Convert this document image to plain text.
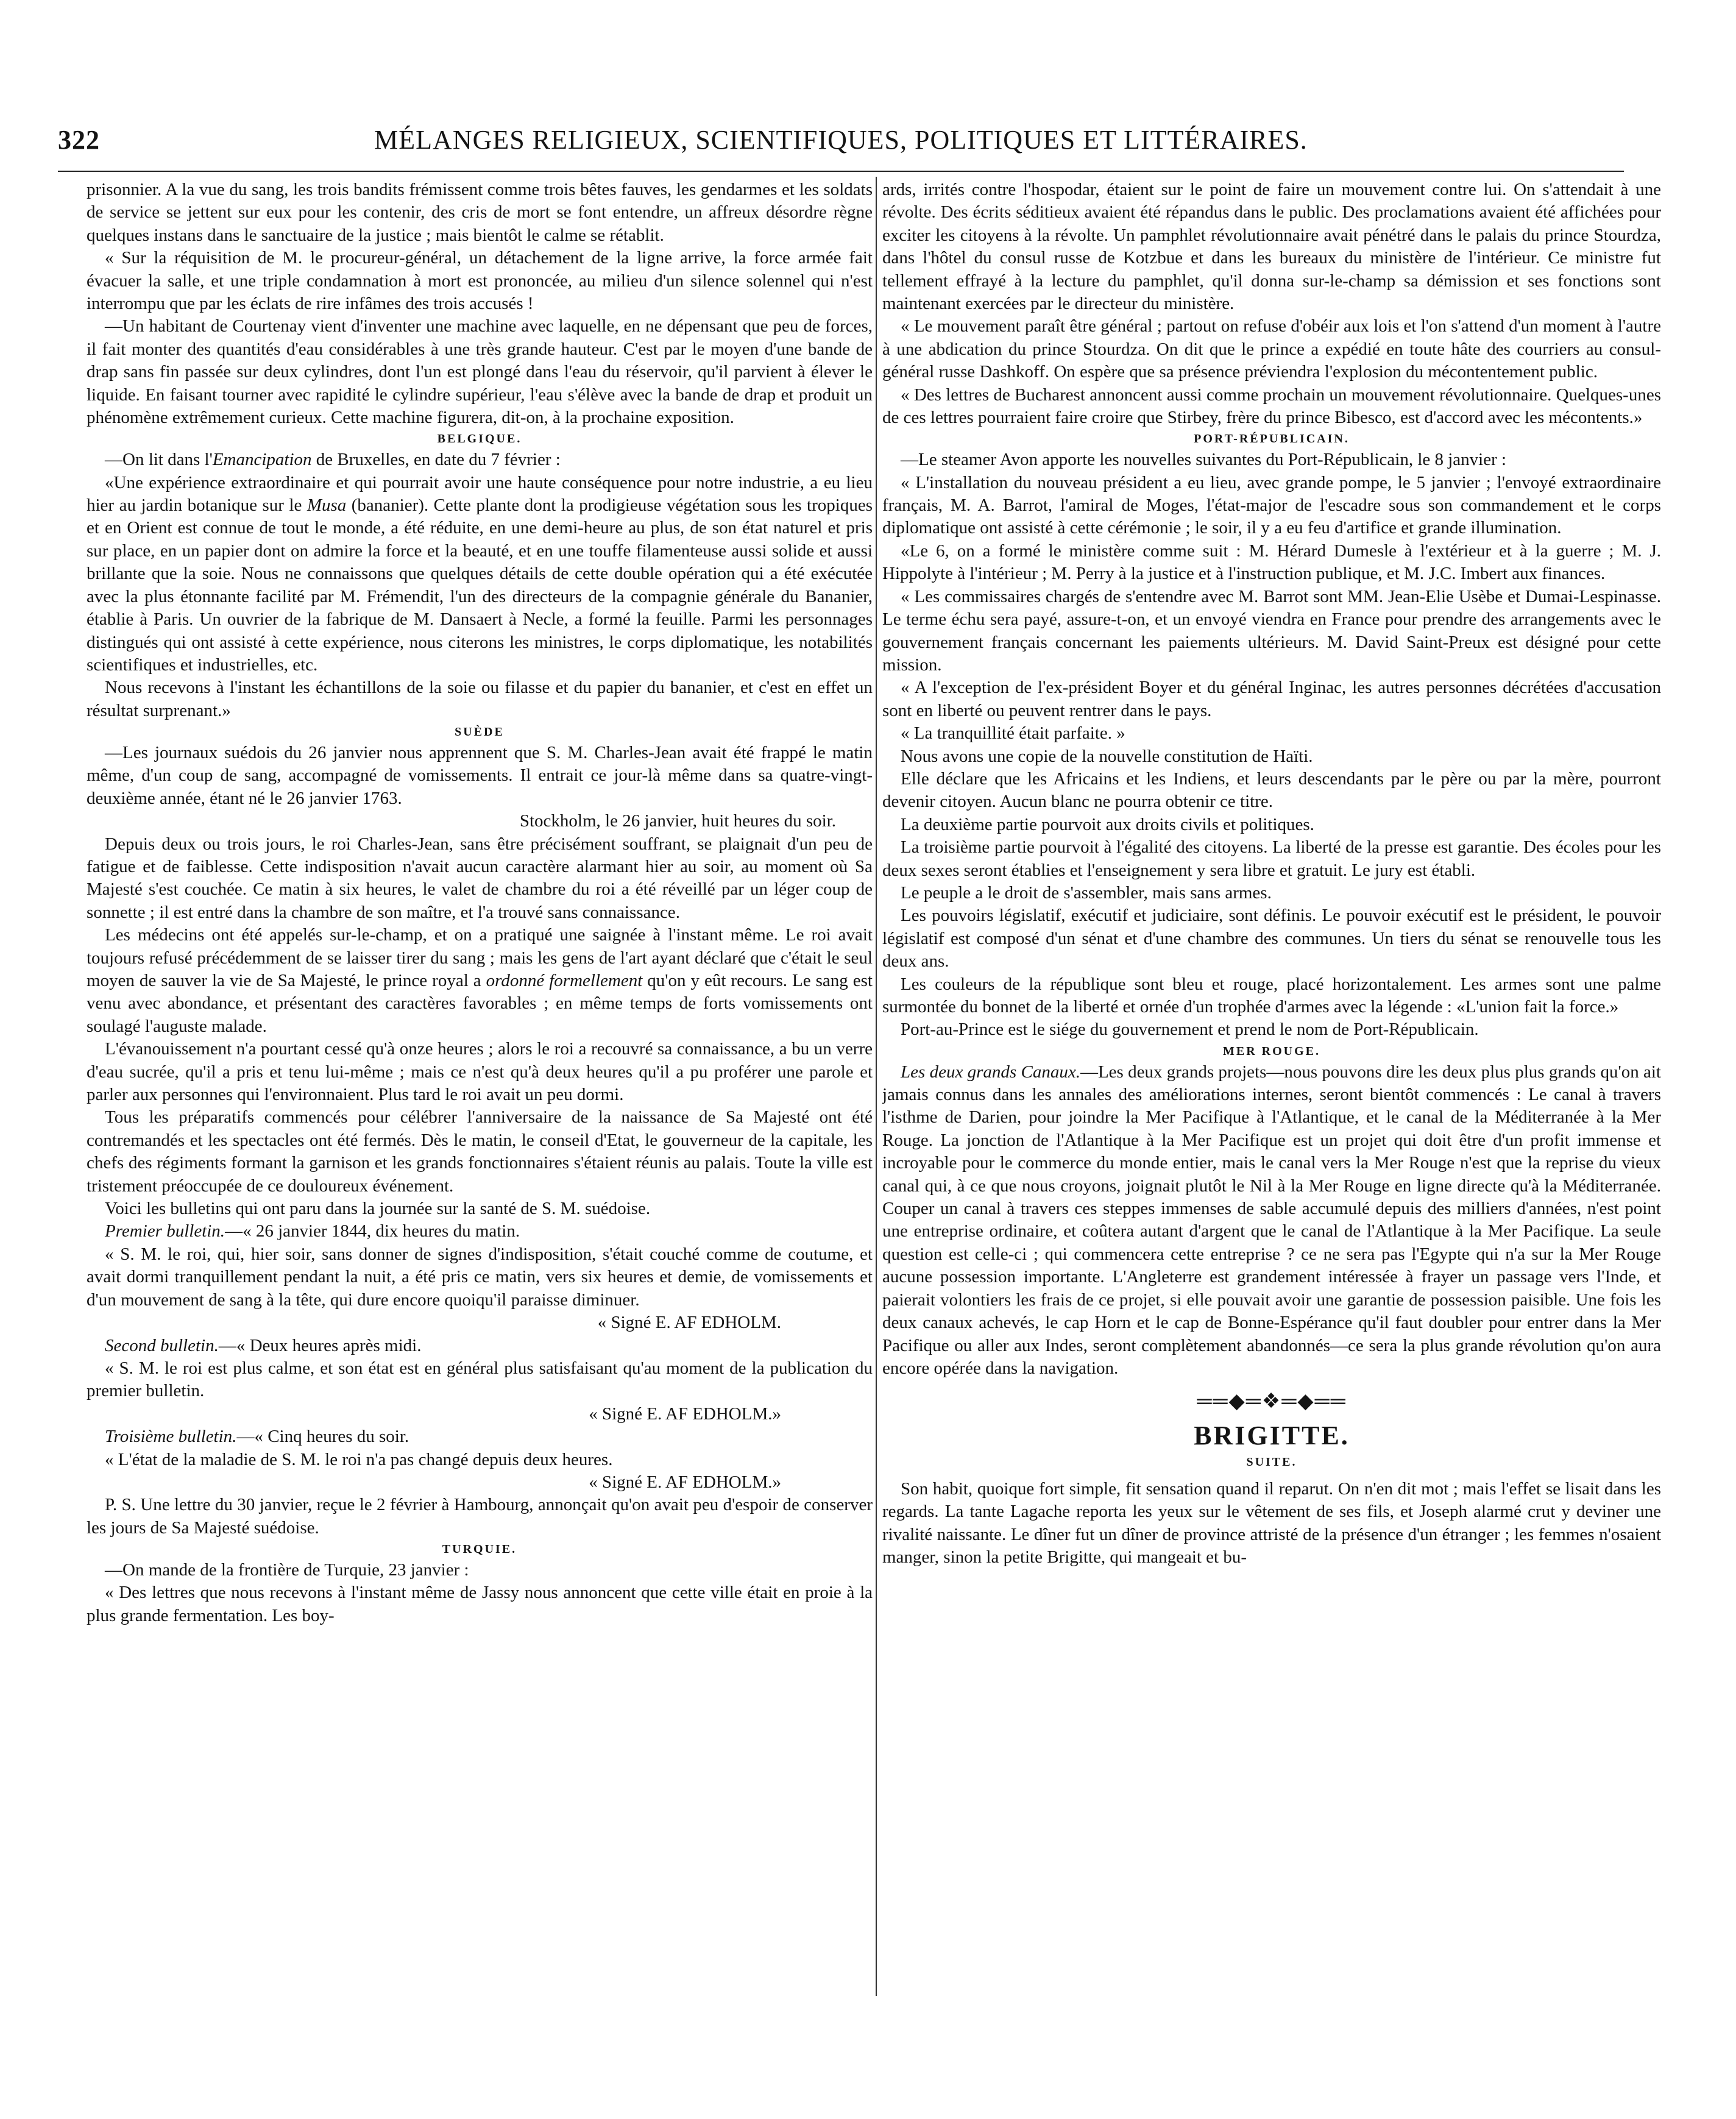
322	MÉLANGES RELIGIEUX, SCIENTIFIQUES, POLITIQUES ET LITTÉRAIRES.

prisonnier. A la vue du sang, les trois bandits frémissent comme trois bêtes fauves, les gendarmes et les soldats de service se jettent sur eux pour les contenir, des cris de mort se font entendre, un affreux désordre règne quelques instans dans le sanctuaire de la justice ; mais bientôt le calme se rétablit.

« Sur la réquisition de M. le procureur-général, un détachement de la ligne arrive, la force armée fait évacuer la salle, et une triple condamnation à mort est prononcée, au milieu d'un silence solennel qui n'est interrompu que par les éclats de rire infâmes des trois accusés !

—Un habitant de Courtenay vient d'inventer une machine avec laquelle, en ne dépensant que peu de forces, il fait monter des quantités d'eau considérables à une très grande hauteur. C'est par le moyen d'une bande de drap sans fin passée sur deux cylindres, dont l'un est plongé dans l'eau du réservoir, qu'il parvient à élever le liquide. En faisant tourner avec rapidité le cylindre supérieur, l'eau s'élève avec la bande de drap et produit un phénomène extrêmement curieux. Cette machine figurera, dit-on, à la prochaine exposition.

BELGIQUE.

—On lit dans l'Emancipation de Bruxelles, en date du 7 février :

«Une expérience extraordinaire et qui pourrait avoir une haute conséquence pour notre industrie, a eu lieu hier au jardin botanique sur le Musa (bananier). Cette plante dont la prodigieuse végétation sous les tropiques et en Orient est connue de tout le monde, a été réduite, en une demi-heure au plus, de son état naturel et pris sur place, en un papier dont on admire la force et la beauté, et en une touffe filamenteuse aussi solide et aussi brillante que la soie. Nous ne connaissons que quelques détails de cette double opération qui a été exécutée avec la plus étonnante facilité par M. Frémendit, l'un des directeurs de la compagnie générale du Bananier, établie à Paris. Un ouvrier de la fabrique de M. Dansaert à Necle, a formé la feuille. Parmi les personnages distingués qui ont assisté à cette expérience, nous citerons les ministres, le corps diplomatique, les notabilités scientifiques et industrielles, etc.

Nous recevons à l'instant les échantillons de la soie ou filasse et du papier du bananier, et c'est en effet un résultat surprenant.»

SUÈDE

—Les journaux suédois du 26 janvier nous apprennent que S. M. Charles-Jean avait été frappé le matin même, d'un coup de sang, accompagné de vomissements. Il entrait ce jour-là même dans sa quatre-vingt-deuxième année, étant né le 26 janvier 1763.

Stockholm, le 26 janvier, huit heures du soir.

Depuis deux ou trois jours, le roi Charles-Jean, sans être précisément souffrant, se plaignait d'un peu de fatigue et de faiblesse. Cette indisposition n'avait aucun caractère alarmant hier au soir, au moment où Sa Majesté s'est couchée. Ce matin à six heures, le valet de chambre du roi a été réveillé par un léger coup de sonnette ; il est entré dans la chambre de son maître, et l'a trouvé sans connaissance.

Les médecins ont été appelés sur-le-champ, et on a pratiqué une saignée à l'instant même. Le roi avait toujours refusé précédemment de se laisser tirer du sang ; mais les gens de l'art ayant déclaré que c'était le seul moyen de sauver la vie de Sa Majesté, le prince royal a ordonné formellement qu'on y eût recours. Le sang est venu avec abondance, et présentant des caractères favorables ; en même temps de forts vomissements ont soulagé l'auguste malade.

L'évanouissement n'a pourtant cessé qu'à onze heures ; alors le roi a recouvré sa connaissance, a bu un verre d'eau sucrée, qu'il a pris et tenu lui-même ; mais ce n'est qu'à deux heures qu'il a pu proférer une parole et parler aux personnes qui l'environnaient. Plus tard le roi avait un peu dormi.

Tous les préparatifs commencés pour célébrer l'anniversaire de la naissance de Sa Majesté ont été contremandés et les spectacles ont été fermés. Dès le matin, le conseil d'Etat, le gouverneur de la capitale, les chefs des régiments formant la garnison et les grands fonctionnaires s'étaient réunis au palais. Toute la ville est tristement préoccupée de ce douloureux événement.

Voici les bulletins qui ont paru dans la journée sur la santé de S. M. suédoise.

Premier bulletin.—« 26 janvier 1844, dix heures du matin.

« S. M. le roi, qui, hier soir, sans donner de signes d'indisposition, s'était couché comme de coutume, et avait dormi tranquillement pendant la nuit, a été pris ce matin, vers six heures et demie, de vomissements et d'un mouvement de sang à la tête, qui dure encore quoiqu'il paraisse diminuer.

« Signé E. AF EDHOLM.

Second bulletin.—« Deux heures après midi.

« S. M. le roi est plus calme, et son état est en général plus satisfaisant qu'au moment de la publication du premier bulletin.

« Signé E. AF EDHOLM.»

Troisième bulletin.—« Cinq heures du soir.

« L'état de la maladie de S. M. le roi n'a pas changé depuis deux heures.

« Signé E. AF EDHOLM.»

P. S. Une lettre du 30 janvier, reçue le 2 février à Hambourg, annonçait qu'on avait peu d'espoir de conserver les jours de Sa Majesté suédoise.

TURQUIE.

—On mande de la frontière de Turquie, 23 janvier :

« Des lettres que nous recevons à l'instant même de Jassy nous annoncent que cette ville était en proie à la plus grande fermentation. Les boy-

ards, irrités contre l'hospodar, étaient sur le point de faire un mouvement contre lui. On s'attendait à une révolte. Des écrits séditieux avaient été répandus dans le public. Des proclamations avaient été affichées pour exciter les citoyens à la révolte. Un pamphlet révolutionnaire avait pénétré dans le palais du prince Stourdza, dans l'hôtel du consul russe de Kotzbue et dans les bureaux du ministère de l'intérieur. Ce ministre fut tellement effrayé à la lecture du pamphlet, qu'il donna sur-le-champ sa démission et ses fonctions sont maintenant exercées par le directeur du ministère.

« Le mouvement paraît être général ; partout on refuse d'obéir aux lois et l'on s'attend d'un moment à l'autre à une abdication du prince Stourdza. On dit que le prince a expédié en toute hâte des courriers au consul-général russe Dashkoff. On espère que sa présence préviendra l'explosion du mécontentement public.

« Des lettres de Bucharest annoncent aussi comme prochain un mouvement révolutionnaire. Quelques-unes de ces lettres pourraient faire croire que Stirbey, frère du prince Bibesco, est d'accord avec les mécontents.»

PORT-RÉPUBLICAIN.

—Le steamer Avon apporte les nouvelles suivantes du Port-Républicain, le 8 janvier :

« L'installation du nouveau président a eu lieu, avec grande pompe, le 5 janvier ; l'envoyé extraordinaire français, M. A. Barrot, l'amiral de Moges, l'état-major de l'escadre sous son commandement et le corps diplomatique ont assisté à cette cérémonie ; le soir, il y a eu feu d'artifice et grande illumination.

«Le 6, on a formé le ministère comme suit : M. Hérard Dumesle à l'extérieur et à la guerre ; M. J. Hippolyte à l'intérieur ; M. Perry à la justice et à l'instruction publique, et M. J.C. Imbert aux finances.

« Les commissaires chargés de s'entendre avec M. Barrot sont MM. Jean-Elie Usèbe et Dumai-Lespinasse. Le terme échu sera payé, assure-t-on, et un envoyé viendra en France pour prendre des arrangements avec le gouvernement français concernant les paiements ultérieurs. M. David Saint-Preux est désigné pour cette mission.

« A l'exception de l'ex-président Boyer et du général Inginac, les autres personnes décrétées d'accusation sont en liberté ou peuvent rentrer dans le pays.

« La tranquillité était parfaite. »

Nous avons une copie de la nouvelle constitution de Haïti.

Elle déclare que les Africains et les Indiens, et leurs descendants par le père ou par la mère, pourront devenir citoyen. Aucun blanc ne pourra obtenir ce titre.

La deuxième partie pourvoit aux droits civils et politiques.

La troisième partie pourvoit à l'égalité des citoyens. La liberté de la presse est garantie. Des écoles pour les deux sexes seront établies et l'enseignement y sera libre et gratuit. Le jury est établi.

Le peuple a le droit de s'assembler, mais sans armes.

Les pouvoirs législatif, exécutif et judiciaire, sont définis. Le pouvoir exécutif est le président, le pouvoir législatif est composé d'un sénat et d'une chambre des communes. Un tiers du sénat se renouvelle tous les deux ans.

Les couleurs de la république sont bleu et rouge, placé horizontalement. Les armes sont une palme surmontée du bonnet de la liberté et ornée d'un trophée d'armes avec la légende : «L'union fait la force.»

Port-au-Prince est le siége du gouvernement et prend le nom de Port-Républicain.

MER ROUGE.

Les deux grands Canaux.—Les deux grands projets—nous pouvons dire les deux plus plus grands qu'on ait jamais connus dans les annales des améliorations internes, seront bientôt commencés : Le canal à travers l'isthme de Darien, pour joindre la Mer Pacifique à l'Atlantique, et le canal de la Méditerranée à la Mer Rouge. La jonction de l'Atlantique à la Mer Pacifique est un projet qui doit être d'un profit immense et incroyable pour le commerce du monde entier, mais le canal vers la Mer Rouge n'est que la reprise du vieux canal qui, à ce que nous croyons, joignait plutôt le Nil à la Mer Rouge en ligne directe qu'à la Méditerranée. Couper un canal à travers ces steppes immenses de sable accumulé depuis des milliers d'années, n'est point une entreprise ordinaire, et coûtera autant d'argent que le canal de l'Atlantique à la Mer Pacifique. La seule question est celle-ci ; qui commencera cette entreprise ? ce ne sera pas l'Egypte qui n'a sur la Mer Rouge aucune possession importante. L'Angleterre est grandement intéressée à frayer un passage vers l'Inde, et paierait volontiers les frais de ce projet, si elle pouvait avoir une garantie de possession paisible. Une fois les deux canaux achevés, le cap Horn et le cap de Bonne-Espérance qu'il faut doubler pour entrer dans la Mer Pacifique ou aller aux Indes, seront complètement abandonnés—ce sera la plus grande révolution qu'on aura encore opérée dans la navigation.

══◆═❖═◆══
BRIGITTE.
SUITE.

Son habit, quoique fort simple, fit sensation quand il reparut. On n'en dit mot ; mais l'effet se lisait dans les regards. La tante Lagache reporta les yeux sur le vêtement de ses fils, et Joseph alarmé crut y deviner une rivalité naissante. Le dîner fut un dîner de province attristé de la présence d'un étranger ; les femmes n'osaient manger, sinon la petite Brigitte, qui mangeait et bu-
